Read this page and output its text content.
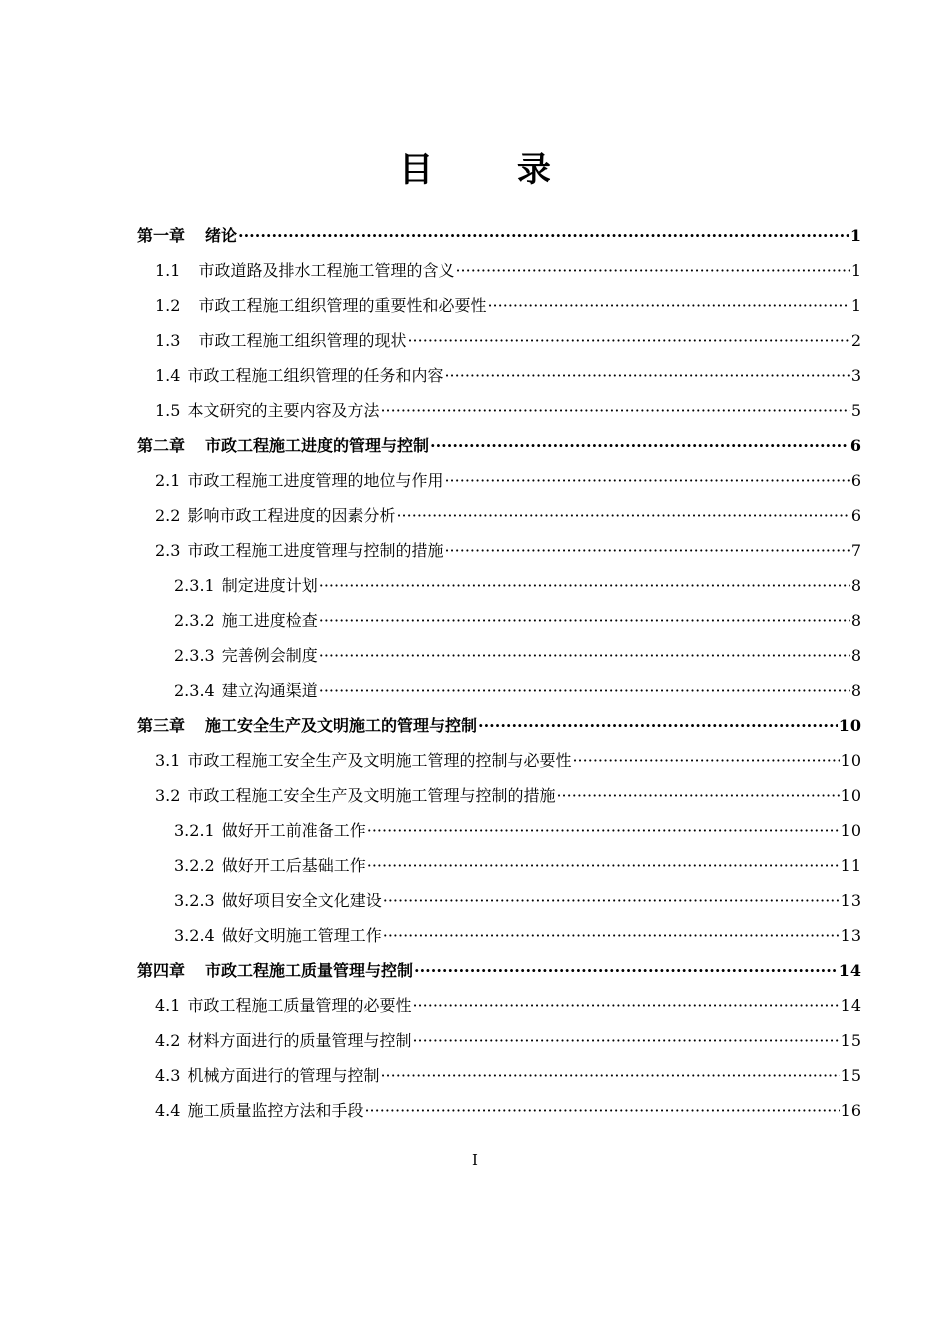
目 录
第一章	绪论 ·····	1
1.1	市政道路及排水工程施工管理的含义 ·····	1
1.2	市政工程施工组织管理的重要性和必要性 ·····	1
1.3	市政工程施工组织管理的现状 ·····	2
1.4 市政工程施工组织管理的任务和内容 ·····	3
1.5 本文研究的主要内容及方法 ·····	5
第二章	市政工程施工进度的管理与控制 ·····	6
2.1 市政工程施工进度管理的地位与作用 ·····	6
2.2 影响市政工程进度的因素分析 ·····	6
2.3 市政工程施工进度管理与控制的措施 ·····	7
2.3.1 制定进度计划 ·····	8
2.3.2 施工进度检查 ·····	8
2.3.3 完善例会制度 ·····	8
2.3.4 建立沟通渠道 ·····	8
第三章	施工安全生产及文明施工的管理与控制 ·····	10
3.1 市政工程施工安全生产及文明施工管理的控制与必要性 ·····	10
3.2 市政工程施工安全生产及文明施工管理与控制的措施 ·····	10
3.2.1 做好开工前准备工作 ·····	10
3.2.2 做好开工后基础工作 ·····	11
3.2.3 做好项目安全文化建设 ·····	13
3.2.4 做好文明施工管理工作 ·····	13
第四章	市政工程施工质量管理与控制 ·····	14
4.1 市政工程施工质量管理的必要性 ·····	14
4.2 材料方面进行的质量管理与控制 ·····	15
4.3 机械方面进行的管理与控制 ·····	15
4.4 施工质量监控方法和手段 ·····	16
I
